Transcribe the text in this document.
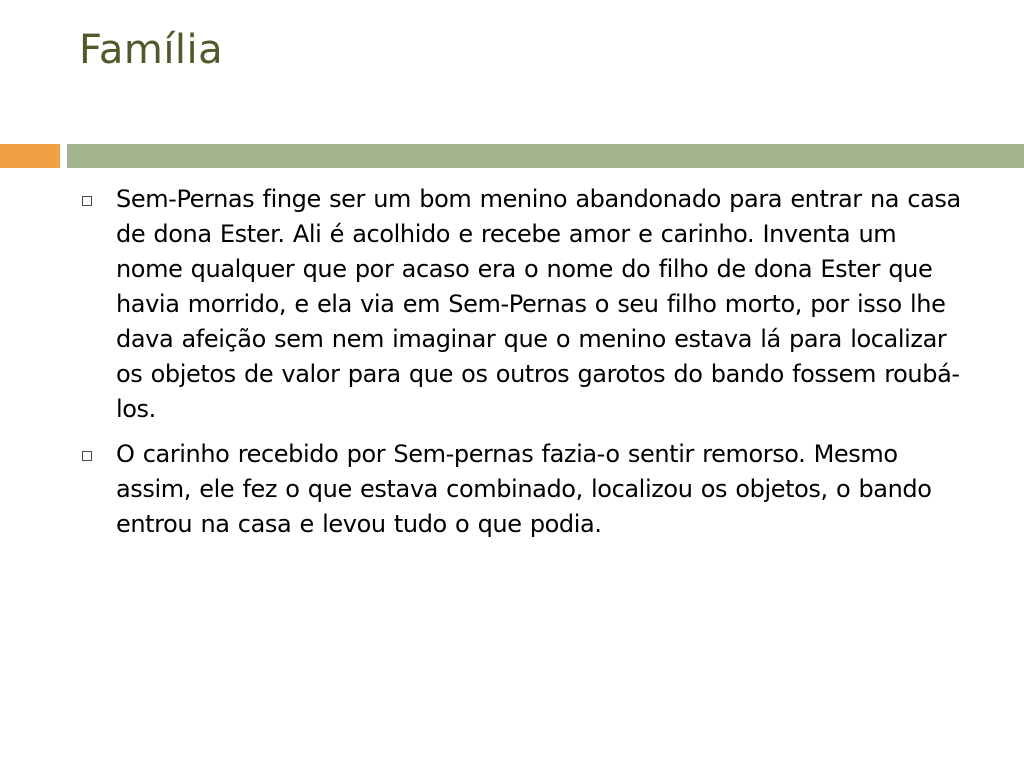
Família
Sem-Pernas finge ser um bom menino abandonado para entrar na casa de dona Ester. Ali é acolhido e recebe amor e carinho. Inventa um nome qualquer que por acaso era o nome do filho de dona Ester que havia morrido, e ela via em Sem-Pernas o seu filho morto, por isso lhe dava afeição sem nem imaginar que o menino estava lá para localizar os objetos de valor para que os outros garotos do bando fossem roubá-los.
O carinho recebido por Sem-pernas fazia-o sentir remorso. Mesmo assim, ele fez o que estava combinado, localizou os objetos, o bando entrou na casa e levou tudo o que podia.
